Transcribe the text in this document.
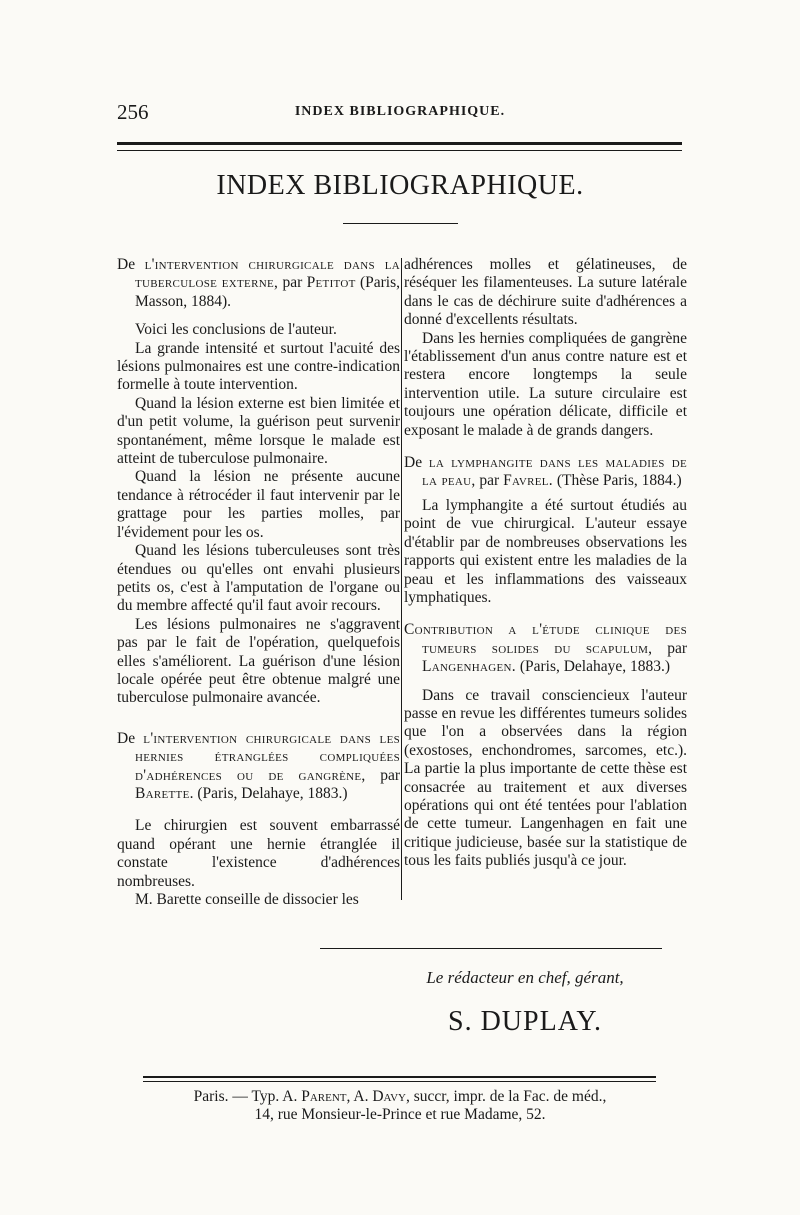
256	INDEX BIBLIOGRAPHIQUE.
INDEX BIBLIOGRAPHIQUE.

De l'intervention chirurgicale dans la tuberculose externe, par Petitot (Paris, Masson, 1884).

Voici les conclusions de l'auteur.

La grande intensité et surtout l'acuité des lésions pulmonaires est une contre-indication formelle à toute intervention.

Quand la lésion externe est bien limitée et d'un petit volume, la guérison peut survenir spontanément, même lorsque le malade est atteint de tuberculose pulmonaire.

Quand la lésion ne présente aucune tendance à rétrocéder il faut intervenir par le grattage pour les parties molles, par l'évidement pour les os.

Quand les lésions tuberculeuses sont très étendues ou qu'elles ont envahi plusieurs petits os, c'est à l'amputation de l'organe ou du membre affecté qu'il faut avoir recours.

Les lésions pulmonaires ne s'aggravent pas par le fait de l'opération, quelquefois elles s'améliorent. La guérison d'une lésion locale opérée peut être obtenue malgré une tuberculose pulmonaire avancée.

De l'intervention chirurgicale dans les hernies étranglées compliquées d'adhérences ou de gangrène, par Barette. (Paris, Delahaye, 1883.)

Le chirurgien est souvent embarrassé quand opérant une hernie étranglée il constate l'existence d'adhérences nombreuses.

M. Barette conseille de dissocier les

adhérences molles et gélatineuses, de réséquer les filamenteuses. La suture latérale dans le cas de déchirure suite d'adhérences a donné d'excellents résultats.

Dans les hernies compliquées de gangrène l'établissement d'un anus contre nature est et restera encore longtemps la seule intervention utile. La suture circulaire est toujours une opération délicate, difficile et exposant le malade à de grands dangers.

De la lymphangite dans les maladies de la peau, par Favrel. (Thèse Paris, 1884.)

La lymphangite a été surtout étudiés au point de vue chirurgical. L'auteur essaye d'établir par de nombreuses observations les rapports qui existent entre les maladies de la peau et les inflammations des vaisseaux lymphatiques.

Contribution a l'étude clinique des tumeurs solides du scapulum, par Langenhagen. (Paris, Delahaye, 1883.)

Dans ce travail consciencieux l'auteur passe en revue les différentes tumeurs solides que l'on a observées dans la région (exostoses, enchondromes, sarcomes, etc.). La partie la plus importante de cette thèse est consacrée au traitement et aux diverses opérations qui ont été tentées pour l'ablation de cette tumeur. Langenhagen en fait une critique judicieuse, basée sur la statistique de tous les faits publiés jusqu'à ce jour.

Le rédacteur en chef, gérant,
S. DUPLAY.
Paris. — Typ. A. Parent, A. Davy, succr, impr. de la Fac. de méd.,
14, rue Monsieur-le-Prince et rue Madame, 52.
